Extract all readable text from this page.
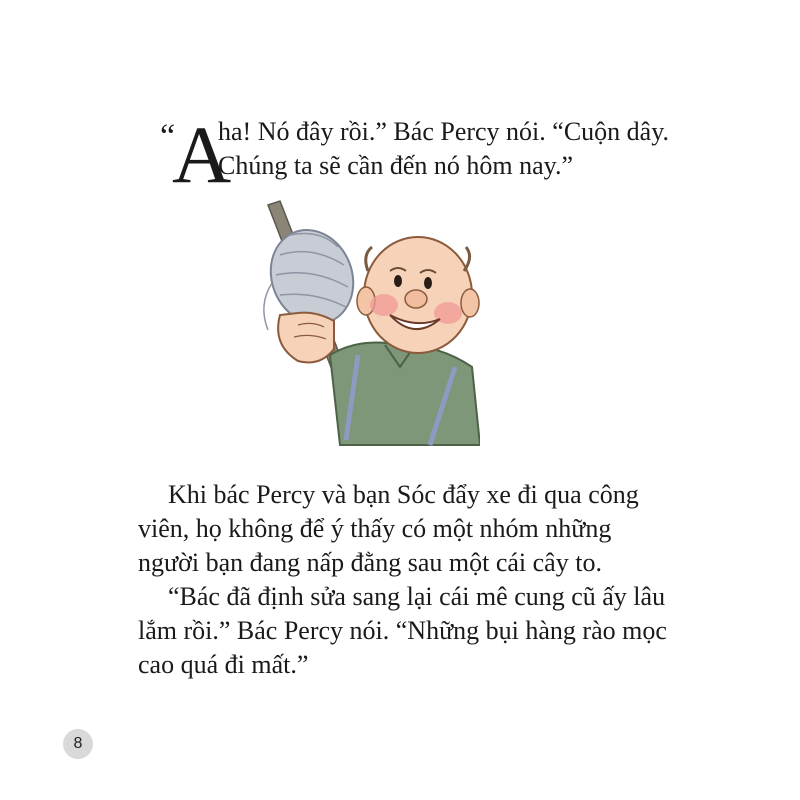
“
A
ha! Nó đây rồi.” Bác Percy nói. “Cuộn dây.
Chúng ta sẽ cần đến nó hôm nay.”
Khi bác Percy và bạn Sóc đẩy xe đi qua công
viên, họ không để ý thấy có một nhóm những
người bạn đang nấp đằng sau một cái cây to.
“Bác đã định sửa sang lại cái mê cung cũ ấy lâu
lắm rồi.” Bác Percy nói. “Những bụi hàng rào mọc
cao quá đi mất.”
8
